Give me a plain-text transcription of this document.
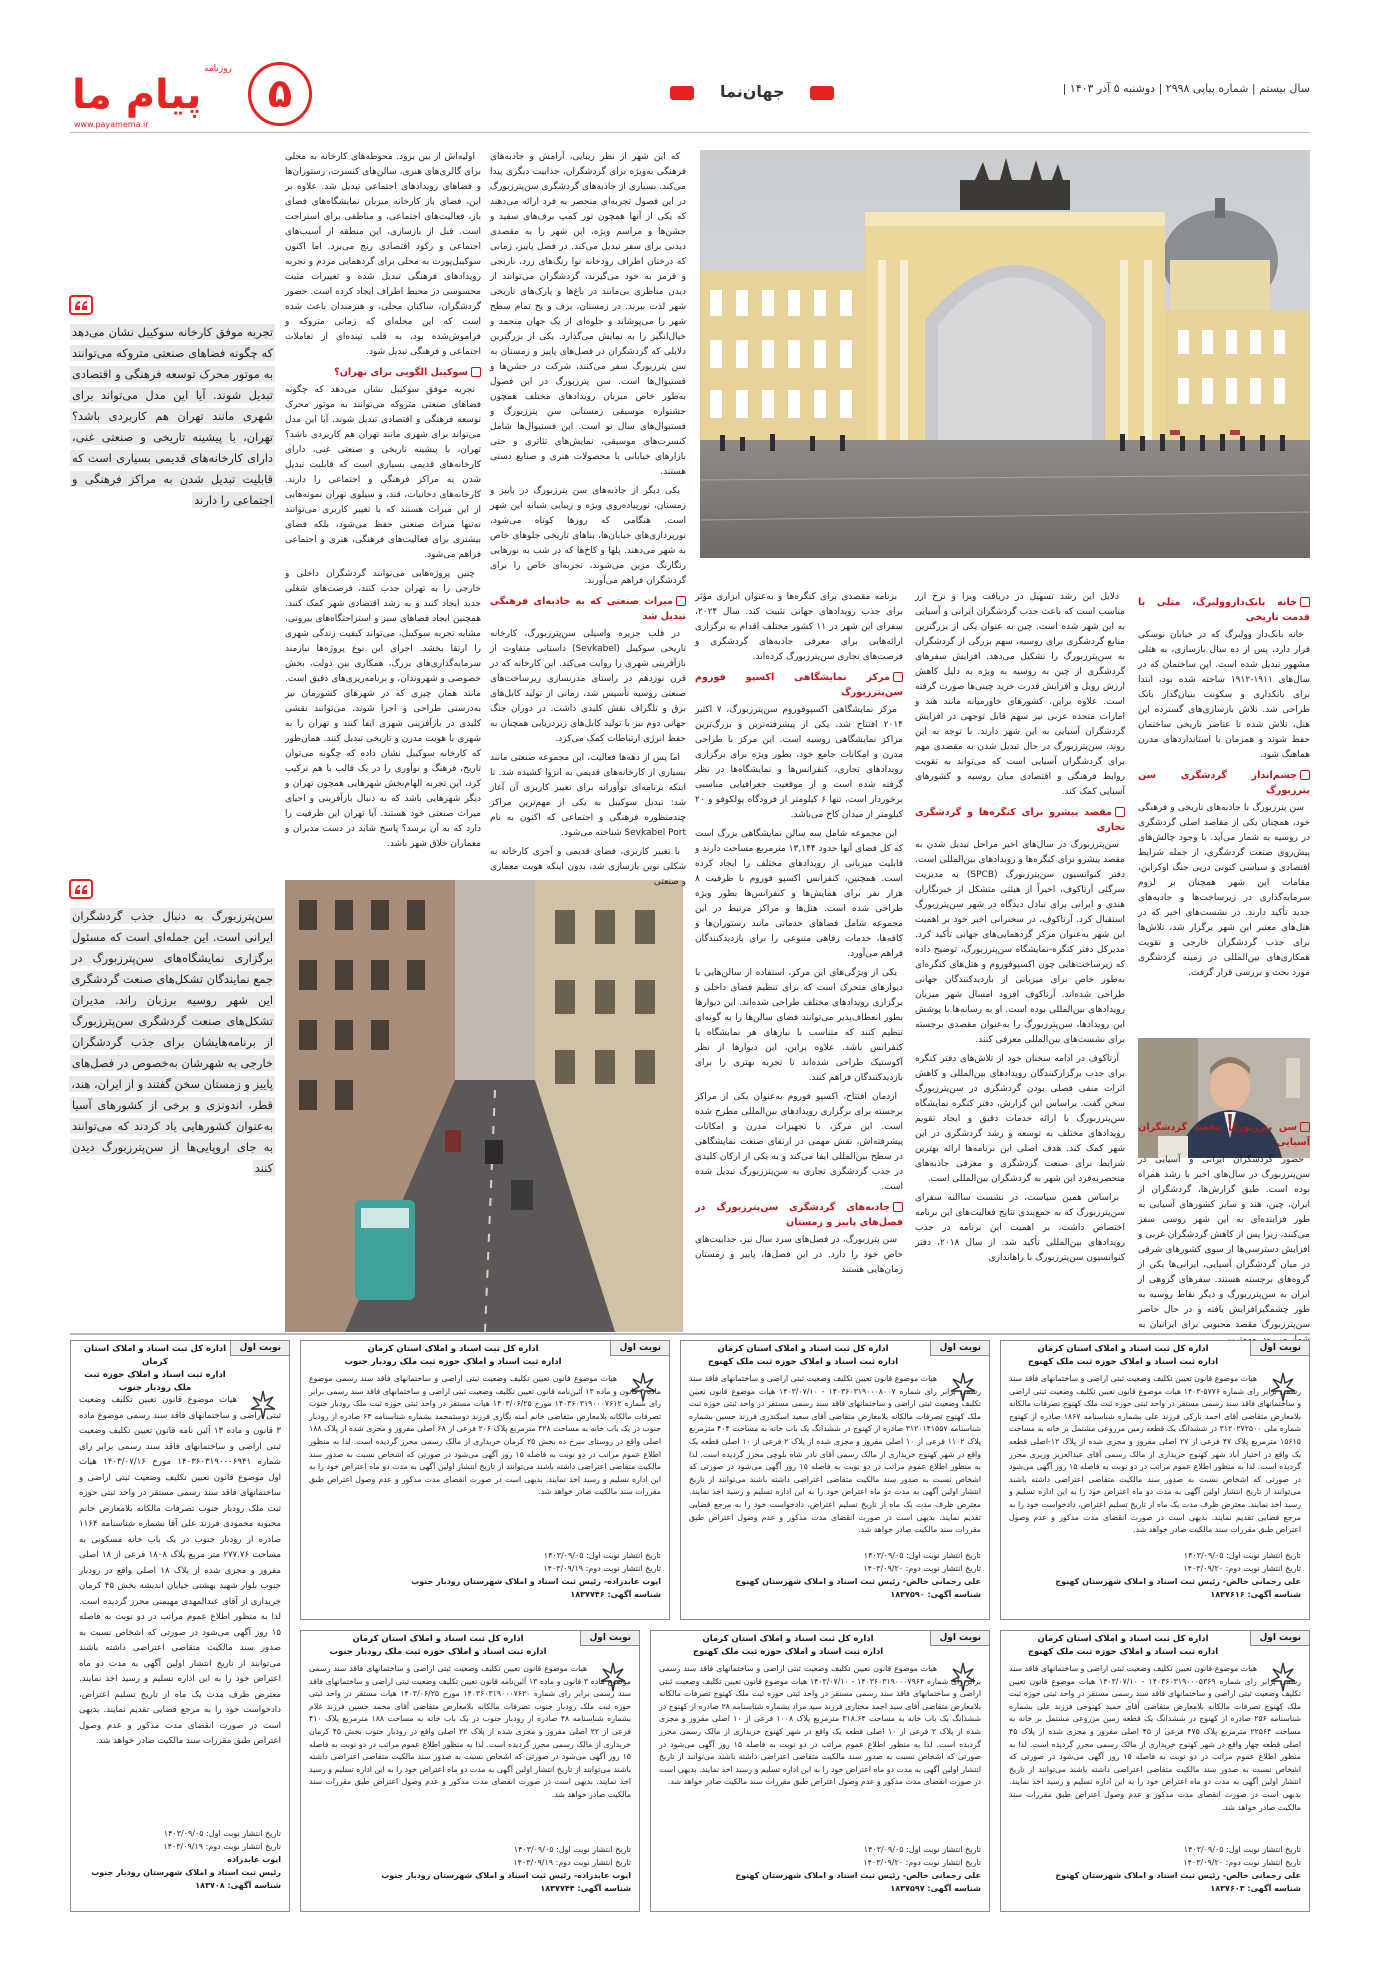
روزنامه
پیام ما
www.payamema.ir
۵	‹ جهان‌نما ›	سال بیستم | شماره پیاپی ۲۹۹۸ | دوشنبه ۵ آذر ۱۴۰۳ |
تجربه موفق کارخانه سوکیبل نشان می‌دهد که چگونه فضاهای صنعتی متروکه می‌توانند به موتور محرک توسعه فرهنگی و اقتصادی تبدیل شوند. آیا این مدل می‌تواند برای شهری مانند تهران هم کاربردی باشد؟ تهران، با پیشینه تاریخی و صنعتی غنی، دارای کارخانه‌های قدیمی بسیاری است که قابلیت تبدیل شدن به مراکز فرهنگی و اجتماعی را دارند
سن‌پترزبورگ به دنبال جذب گردشگران ایرانی است. این جمله‌ای است که مسئول برگزاری نمایشگاه‌های سن‌پترزبورگ در جمع نمایندگان تشکل‌های صنعت گردشگری این شهر روسیه برزبان راند. مدیران تشکل‌های صنعت گردشگری سن‌پترزبورگ از برنامه‌هایشان برای جذب گردشگران خارجی به شهرشان به‌خصوص در فصل‌های پاییز و زمستان سخن گفتند و از ایران، هند، قطر، اندونزی و برخی از کشورهای آسیا به‌عنوان کشورهایی یاد کردند که می‌توانند به جای اروپایی‌ها از سن‌پترزبورگ دیدن کنند
خانه بانک‌داروولبرگ، متلی با قدمت تاریخی

خانه بانک‌دار وولبرگ که در خیابان نوسکی قرار دارد، پس از ده سال بازسازی، به هتلی مشهور تبدیل شده است. این ساختمان که در سال‌های ۱۹۱۱-۱۹۱۲ ساخته شده بود، ابتدا برای بانکداری و سکونت بنیان‌گذار بانک طراحی شد. تلاش بازسازی‌های گسترده این هتل، تلاش شده تا عناصر تاریخی ساختمان حفظ شوند و همزمان با استانداردهای مدرن هماهنگ شود.

چشم‌انداز گردشگری سن‌ پترزبورگ

سن پترزبورگ با جاذبه‌های تاریخی و فرهنگی خود، همچنان یکی از مقاصد اصلی گردشگری در روسیه به شمار می‌آید. با وجود چالش‌های پیش‌روی صنعت گردشگری، از جمله شرایط اقتصادی و سیاسی کنونی درپی جنگ اوکراین، مقامات این شهر همچنان بر لزوم سرمایه‌گذاری در زیرساخت‌ها و جاذبه‌های جدید تأکید دارند. در نشست‌های اخیر که در هتل‌های معتبر این شهر برگزار شد، تلاش‌ها برای جذب گردشگران خارجی و تقویت همکاری‌های بین‌المللی در زمینه گردشگری مورد بحث و بررسی قرار گرفت.

سن‌ پترزبورگ مقصد گردشگران آسیایی

حضور گردشگران ایرانی و آسیایی در سن‌پترزبورگ در سال‌های اخیر با رشد همراه بوده است. طبق گزارش‌ها، گردشگران از ایران، چین، هند و سایر کشورهای آسیایی به طور فزاینده‌ای به این شهر روسی سفر می‌کنند، زیرا پس از کاهش گردشگران غربی و افزایش دسترسی‌ها از سوی کشورهای شرقی در میان گردشگران آسیایی، ایرانی‌ها یکی از گروه‌های برجسته هستند. سفرهای گروهی از ایران به سن‌پترزبورگ و دیگر نقاط روسیه به طور چشمگیرافزایش یافته و در حال حاضر سن‌پترزبورگ مقصد محبوبی برای ایرانیان به

دلایل این رشد تسهیل در دریافت ویزا و نرخ ارز مناسب است که باعث جذب گردشگران ایرانی و آسیایی به این شهر شده است. چین به عنوان یکی از بزرگترین منابع گردشگری برای روسیه، سهم بزرگی از گردشگران به سن‌پترزبورگ را تشکیل می‌دهد. افزایش سفرهای گردشگری از چین به روسیه به ویژه به دلیل کاهش ارزش روبل و افزایش قدرت خرید چینی‌ها صورت گرفته است. علاوه براین، کشورهای خاورمیانه مانند هند و امارات متحده عربی نیز سهم قابل توجهی در افزایش گردشگران آسیایی به این شهر دارند. با توجه به این روند، سن‌پترزبورگ در حال تبدیل شدن به مقصدی مهم برای گردشگران آسیایی است که می‌تواند به تقویت روابط فرهنگی و اقتصادی میان روسیه و کشورهای آسیایی کمک کند.

مقصد پیشرو برای کنگره‌ها و گردشگری تجاری

سن‌پترزبورگ در سال‌های اخیر مراحل تبدیل شدن به مقصد پیشرو برای کنگره‌ها و رویدادهای بین‌المللی است. دفتر کنوانسیون سن‌پترزبورگ (SPCB) به مدیریت سرگئی آرتاکوف، اخیراً از هیئتی متشکل از خبرنگاران هندی و ایرانی برای تبادل دیدگاه در شهر سن‌پترزبورگ استقبال کرد. آرتاکوف، در سخنرانی اخیر خود بر اهمیت این شهر به‌عنوان مرکز گردهمایی‌های جهانی تأکید کرد. مدیرکل دفتر کنگره-نمایشگاه سن‌پترزبورگ، توضیح داده که زیرساخت‌هایی چون اکسپوفوروم و هتل‌های کنگره‌ای به‌طور خاص برای میزبانی از بازدیدکنندگان جهانی طراحی شده‌اند. آرتاکوف افزود امسال شهر میزبان رویدادهای بین‌المللی بوده است. او به رسانه‌ها با پوشش این رویدادها، سن‌پترزبورگ را به‌عنوان مقصدی برجسته برای نشست‌های بین‌المللی معرفی کنند.

آرتاکوف در ادامه سخنان خود از تلاش‌های دفتر کنگره برای جذب برگزارکنندگان رویدادهای بین‌المللی و کاهش اثرات منفی فصلی بودن گردشگری در سن‌پترزبورگ سخن گفت. براساس این گزارش، دفتر کنگره نمایشگاه سن‌پترزبورگ با ارائه خدمات دقیق و ایجاد تقویم رویدادهای مختلف به توسعه و رشد گردشگری در این شهر کمک کند. هدف اصلی این برنامه‌ها ارائه بهترین شرایط برای صنعت گردشگری و معرفی جاذبه‌های منحصربه‌فرد این شهر به گردشگران بین‌المللی است.

براساس همین سیاست، در نشست ساالنه سفرای سن‌پترزبورگ که به جمع‌بندی نتایج فعالیت‌های این برنامه اختصاص داشت، بر اهمیت این برنامه در جذب رویدادهای بین‌المللی تأکید شد. از سال ۲۰۱۸، دفتر کنوانسیون سن‌پترزبورگ با راهاندازی

برنامه مقصدی برای کنگره‌ها و به‌عنوان ابزاری مؤثر برای جذب رویدادهای جهانی تثبیت کند. سال ۲۰۲۴، سفرای این شهر در ۱۱ کشور مختلف اقدام به برگزاری ارائه‌هایی برای معرفی جاذبه‌های گردشگری و فرصت‌های تجاری سن‌پترزبورگ کرده‌اند.

مرکز نمایشگاهی اکسپو فوروم سن‌پترزبورگ

مرکز نمایشگاهی اکسپوفوروم سن‌پترزبورگ، ۷ اکتبر ۲۰۱۴ افتتاح شد، یکی از پیشرفته‌ترین و بزرگ‌ترین مراکز نمایشگاهی روسیه است. این مرکز با طراحی مدرن و امکانات جامع خود، بطور ویژه برای برگزاری رویدادهای تجاری، کنفرانس‌ها و نمایشگاه‌ها در نظر گرفته شده است و از موقعیت جغرافیایی مناسبی برخوردار است، تنها ۶ کیلومتر از فرودگاه پولکوفو و ۲۰ کیلومتر از میدان کاخ می‌باشد.

این مجموعه شامل سه سالن نمایشگاهی بزرگ است که کل فضای آنها حدود ۱۳,۱۴۴ مترمربع مساحت دارند و قابلیت میزبانی از رویدادهای مختلف را ایجاد کرده است. همچنین، کنفرانس اکسپو فوروم با ظرفیت ۸ هزار نفر برای همایش‌ها و کنفرانس‌ها بطور ویژه طراحی شده است. هتل‌ها و مراکز مرتبط در این مجموعه شامل فضاهای خدماتی مانند رستوران‌ها و کافه‌ها، خدمات رفاهی متنوعی را برای بازدیدکنندگان فراهم می‌آورد.

یکی از ویژگی‌های این مرکز، استفاده از سالن‌هایی با دیوارهای متحرک است که برای تنظیم فضای داخلی و برگزاری رویدادهای مختلف طراحی شده‌اند. این دیوارها بطور انعطاف‌پذیر می‌توانند فضای سالن‌ها را به گونه‌ای تنظیم کنند که متناسب با نیازهای هر نمایشگاه یا کنفرانس باشد. علاوه براین، این دیوارها از نظر آکوستیک طراحی شده‌اند تا تجربه بهتری را برای بازدیدکنندگان فراهم کنند.

ازدمان افتتاح، اکسپو فوروم به‌عنوان یکی از مراکز برجسته برای برگزاری رویدادهای بین‌المللی مطرح شده است. این مرکز، با تجهیزات مدرن و امکانات پیشرفته‌اش، نقش مهمی در ارتقای صنعت نمایشگاهی در سطح بین‌المللی ایفا می‌کند و به یکی از ارکان کلیدی در جذب گردشگری تجاری به سن‌پترزبورگ تبدیل شده است.

جاذبه‌های گردشگری سن‌پترزبورگ در فصل‌های پاییز و زمستان

سن پترزبورگ، در فصل‌های سرد سال نیز، جذابیت‌های خاص خود را دارد. در این فصل‌ها، پاییز و زمستان زمان‌هایی هستند

که این شهر از نظر زیبایی، آرامش و جاذبه‌های فرهنگی به‌ویژه برای گردشگران، جذابیت دیگری پیدا می‌کند. بسیاری از جاذبه‌های گردشگری سن‌پترزبورگ در این فصول تجربه‌ای منحصر به فرد ارائه می‌دهند که یکی از آنها همچون تور کمپ برف‌های سفید و جشن‌ها و مراسم ویژه، این شهر را به مقصدی دیدنی برای سفر تبدیل می‌کند. در فصل پاییز، زمانی که درختان اطراف رودخانه نوا رنگ‌های زرد، نارنجی و قرمز به خود می‌گیرند، گردشگران می‌توانند از دیدن مناظری بی‌مانند در باغ‌ها و پارک‌های تاریخی شهر لذت ببرند. در زمستان، برف و یخ تمام سطح شهر را می‌پوشاند و جلوه‌ای از یک جهان منجمد و خیال‌انگیز را به نمایش می‌گذارد. یکی از بزرگترین دلایلی که گردشگران در فصل‌های پاییز و زمستان به سن پترزبورگ سفر می‌کنند، شرکت در جشن‌ها و فستیوال‌ها است. سن پترزبورگ در این فصول به‌طور خاص میزبان رویدادهای مختلف همچون جشنواره موسیقی زمستانی سن پترزبورگ و فستیوال‌های سال نو است. این فستیوال‌ها شامل کنسرت‌های موسیقی، نمایش‌های تئاتری و حتی بازارهای خیابانی با محصولات هنری و صنایع دستی هستند.

یکی دیگر از جاذبه‌های سن پترزبورگ در پاییز و زمستان، تورپیاده‌روی ویژه و زیبایی شبانه این شهر است. هنگامی که روزها کوتاه می‌شود، نورپردازی‌های خیابان‌ها، بناهای تاریخی جلوهای خاص به شهر می‌دهند. پلها و کاخ‌ها که در شب به نورهایی رنگارنگ مزین می‌شوند، تجربه‌ای خاص را برای گردشگران فراهم می‌آورند.

میراث صنعتی که به جاذبه‌ای فرهنگی تبدیل شد

در قلب جزیره واسیلی سن‌پترزبورگ، کارخانه تاریخی سوکیبل (Sevkabel) داستانی متفاوت از بازآفرینی شهری را روایت می‌کند. این کارخانه که در قرن نوزدهم در راستای مدرنسازی زیرساخت‌های صنعتی روسیه تأسیس شد، زمانی از تولید کابل‌های برق و تلگراف نقش کلیدی داشت. در دوران جنگ جهانی دوم نیز با تولید کابل‌های زیردریایی همچنان به حفظ انرژی ارتباطات کمک می‌کرد.

اما پس از دهه‌ها فعالیت، این مجموعه صنعتی مانند بسیاری از کارخانه‌های قدیمی به انزوا کشیده شد. تا اینکه برنامه‌ای نوآورانه برای تغییر کاربری آن آغاز شد: تبدیل سوکیبل به یکی از مهم‌ترین مراکز چندمنظوره فرهنگی و اجتماعی که اکنون به نام Sevkabel Port شناخته می‌شود.

با تغییر کاربری، فضای قدیمی و آجری کارخانه به شکلی نوین بازسازی شد، بدون اینکه هویت معماری و صنعتی

اولیه‌اش از بین برود. محوطه‌های کارخانه به محلی برای گالری‌های هنری، سالن‌های کنسرت، رستوران‌ها و فضاهای رویدادهای اجتماعی تبدیل شد. علاوه بر این، فضای باز کارخانه میزبان نمایشگاه‌های فضای باز، فعالیت‌های اجتماعی، و مناطقی برای استراحت است. قبل از بازسازی، این منطقه از آسیب‌های اجتماعی و رکود اقتصادی رنج می‌برد. اما اکنون سوکیبل‌پورت به محلی برای گردهمایی مردم و تجربه رویدادهای فرهنگی تبدیل شده و تغییرات مثبت محسوسی در محیط اطراف ایجاد کرده است. حضور گردشگران، ساکنان محلی، و هنرمندان باعث شده است که این محله‌ای که زمانی متروکه و فراموش‌شده بود، به قلب تپنده‌ای از تعاملات اجتماعی و فرهنگی تبدیل شود.

سوکیبل الگویی برای تهران؟

تجربه موفق سوکیبل نشان می‌دهد که چگونه فضاهای صنعتی متروکه می‌توانند به موتور محرک توسعه فرهنگی و اقتصادی تبدیل شوند. آیا این مدل می‌تواند برای شهری مانند تهران هم کاربردی باشد؟ تهران، با پیشینه تاریخی و صنعتی غنی، دارای کارخانه‌های قدیمی بسیاری است که قابلیت تبدیل شدن به مراکز فرهنگی و اجتماعی را دارند. کارخانه‌های دخانیات، قند، و سیلوی تهران نمونه‌هایی از این میراث هستند که با تغییر کاربری می‌توانند نه‌تنها میراث صنعتی حفظ می‌شود، بلکه فضای بیشتری برای فعالیت‌های فرهنگی، هنری و اجتماعی فراهم می‌شود.

چنین پروژه‌هایی می‌توانند گردشگران داخلی و خارجی را به تهران جذب کنند، فرصت‌های شغلی جدید ایجاد کنند و به رشد اقتصادی شهر کمک کنند. همچنین ایجاد فضاهای سبز و استراحتگاه‌های بیرونی، مشابه تجربه سوکیبل، می‌تواند کیفیت زندگی شهری را ارتقا بخشد. اجرای این نوع پروژه‌ها نیازمند سرمایه‌گذاری‌های بزرگ، همکاری بین دولت، بخش خصوصی و شهروندان، و برنامه‌ریزی‌های دقیق است. مانند همان چیزی که در شهرهای کشورمان نیز به‌درستی طراحی و اجرا شوند، می‌توانند نقشی کلیدی در بازآفرینی شهری ایفا کنند و تهران را به شهری با هویت مدرن و تاریخی تبدیل کنند. همان‌طور که کارخانه سوکیبل نشان داده که چگونه می‌توان تاریخ، فرهنگ و نوآوری را در یک قالب با هم ترکیب کرد، این تجربه الهام‌بخش شهرهایی همچون تهران و دیگر شهرهایی باشد که به دنبال بازآفرینی و احیای میراث صنعتی خود هستند. آیا تهران این ظرفیت را دارد که به آن برسد؟ پاسخ شاید در دست مدیران و معماران خلاق شهر باشد.

نوبت اول
اداره کل ثبت اسناد و املاک استان کرمان
اداره ثبت اسناد و املاک حوزه ثبت ملک کهنوج
هیات موضوع قانون تعیین تکلیف وضعیت ثبتی اراضی و ساختمانهای فاقد سند رسمی برابر رای شماره ۵۷۷۶-۱۴۰۳ هیات موضوع قانون تعیین تکلیف وضعیت ثبتی اراضی و ساختمانهای فاقد سند رسمی مستقر در واحد ثبتی حوزه ثبت ملک کهنوج تصرفات مالکانه بلامعارض متقاضی آقای احمد نارکی فرزند علی بشماره شناسنامه ۱۸۶۷ صادره از کهنوج شماره ملی ۳۱۲۰۲۷۲۵۰۰ در ششدانگ یک قطعه زمین مزروعی مشتمل بر خانه به مساحت ۱۵۶۱۵ مترمربع پلاک ۴۷ فرعی از ۲۷ اصلی مفروز و مجزی شده از پلاک ۱۲-اصلی قطعه یک واقع در اختیار آباد شهر کهنوج خریداری از مالک رسمی آقای عبدالعزیز وزیری محرز گردیده است. لذا به منظور اطلاع عموم مراتب در دو نوبت به فاصله ۱۵ روز آگهی می‌شود در صورتی که اشخاص نسبت به صدور سند مالکیت متقاضی اعتراضی داشته باشند می‌توانند از تاریخ انتشار اولین آگهی به مدت دو ماه اعتراض خود را به این اداره تسلیم و رسید اخذ نمایند. معترض ظرف مدت یک ماه از تاریخ تسلیم اعتراض، دادخواست خود را به مرجع قضایی تقدیم نمایند. بدیهی است در صورت انقضای مدت مذکور و عدم وصول اعتراض طبق مقررات سند مالکیت صادر خواهد شد.
تاریخ انتشار نوبت اول: ۱۴۰۳/۰۹/۰۵
تاریخ انتشار نوبت دوم: ۱۴۰۳/۰۹/۲۰
علی رحمانی خالص- رئیس ثبت اسناد و املاک شهرستان کهنوج
شناسه آگهی: ۱۸۳۷۶۱۶
نوبت اول
اداره کل ثبت اسناد و املاک استان کرمان
اداره ثبت اسناد و املاک حوزه ثبت ملک کهنوج
هیات موضوع قانون تعیین تکلیف وضعیت ثبتی اراضی و ساختمانهای فاقد سند رسمی برابر رای شماره ۱۴۰۳۶۰۳۱۹۰۰۰۸۰۰۷ - ۱۴۰۳/۰۷/۱۰ هیات موضوع قانون تعیین تکلیف وضعیت ثبتی اراضی و ساختمانهای فاقد سند رسمی مستقر در واحد ثبتی حوزه ثبت ملک کهنوج تصرفات مالکانه بلامعارض متقاضی آقای سعید اسکندری فرزند حسین بشماره شناسنامه ۳۱۲۰۱۴۱۵۵۷ صادره از کهنوج در ششدانگ یک باب خانه به مساحت ۴۰۴ مترمربع پلاک ۱۱۰۲ فرعی از ۱۰ اصلی مفروز و مجزی شده از پلاک ۲ فرعی از ۱۰ اصلی قطعه یک واقع در شهر کهنوج خریداری از مالک رسمی آقای نادر شاه بلوچی محرز گردیده است. لذا به منظور اطلاع عموم مراتب در دو نوبت به فاصله ۱۵ روز آگهی می‌شود در صورتی که اشخاص نسبت به صدور سند مالکیت متقاضی اعتراضی داشته باشند می‌توانند از تاریخ انتشار اولین آگهی به مدت دو ماه اعتراض خود را به این اداره تسلیم و رسید اخذ نمایند. معترض ظرف مدت یک ماه از تاریخ تسلیم اعتراض، دادخواست خود را به مرجع قضایی تقدیم نمایند. بدیهی است در صورت انقضای مدت مذکور و عدم وصول اعتراض طبق مقررات سند مالکیت صادر خواهد شد.
تاریخ انتشار نوبت اول: ۱۴۰۳/۰۹/۰۵
تاریخ انتشار نوبت دوم: ۱۴۰۳/۰۹/۲۰
علی رحمانی خالص- رئیس ثبت اسناد و املاک شهرستان کهنوج
شناسه آگهی: ۱۸۳۷۵۹۰
نوبت اول
اداره کل ثبت اسناد و املاک استان کرمان
اداره ثبت اسناد و املاک حوزه ثبت ملک رودبار جنوب
هیات موضوع قانون تعیین تکلیف وضعیت ثبتی اراضی و ساختمانهای فاقد سند رسمی موضوع ماده ۳ قانون و ماده ۱۳ آئین‌نامه قانون تعیین تکلیف وضعیت ثبتی اراضی و ساختمانهای فاقد سند رسمی برابر رای شماره ۱۴۰۳۶۰۳۱۹۰۰۰۷۶۱۲ مورخ ۱۴۰۳/۰۶/۲۵ هیات مستقر در واحد ثبتی حوزه ثبت ملک رودبار جنوب تصرفات مالکانه بلامعارض متقاضی خانم آمنه نگاری فرزند دوستمحمد بشماره شناسنامه ۶۴ صادره از رودبار جنوب در یک باب خانه به مساحت ۳۲۸ مترمربع پلاک ۲۰۶ فرعی از ۶۸ اصلی مفروز و مجزی شده از پلاک ۱۸۸ اصلی واقع در روستای سرخ ده بخش ۲۵ کرمان خریداری از مالک رسمی محرز گردیده است. لذا به منظور اطلاع عموم مراتب در دو نوبت به فاصله ۱۵ روز آگهی می‌شود در صورتی که اشخاص نسبت به صدور سند مالکیت متقاضی اعتراضی داشته باشند می‌توانند از تاریخ انتشار اولین آگهی به مدت دو ماه اعتراض خود را به این اداره تسلیم و رسید اخذ نمایند. بدیهی است در صورت انقضای مدت مذکور و عدم وصول اعتراض طبق مقررات سند مالکیت صادر خواهد شد.
تاریخ انتشار نوبت اول: ۱۴۰۳/۰۹/۰۵
تاریخ انتشار نوبت دوم: ۱۴۰۳/۰۹/۱۹
ایوب عابدزاده- رئیس ثبت اسناد و املاک شهرستان رودبار جنوب
شناسه آگهی: ۱۸۳۷۷۴۶
نوبت اول
اداره کل ثبت اسناد و املاک استان کرمان
اداره ثبت اسناد و املاک حوزه ثبت ملک رودبار جنوب
هیات موضوع قانون تعیین تکلیف وضعیت ثبتی اراضی و ساختمانهای فاقد سند رسمی موضوع ماده ۳ قانون و ماده ۱۳ آئین نامه قانون تعیین تکلیف وضعیت ثبتی اراضی و ساختمانهای فاقد سند رسمی برابر رای شماره ۱۴۰۳۶۰۳۱۹۰۰۰۶۹۴۱ مورخ ۱۴۰۳/۰۷/۱۶ هیات اول موضوع قانون تعیین تکلیف وضعیت ثبتی اراضی و ساختمانهای فاقد سند رسمی مستقر در واحد ثبتی حوزه ثبت ملک رودبار جنوب تصرفات مالکانه بلامعارض خانم محبوبه محمودی فرزند علی آقا بشماره شناسنامه ۱۱۶۴ صادره از رودبار جنوب در یک باب خانه مسکونی به مساحت ۲۷۷.۷۶ متر مربع پلاک ۱۸۰۸ فرعی از ۱۸ اصلی مفروز و مجزی شده از پلاک ۱۸ اصلی واقع در رودبار جنوب بلوار شهید بهشتی خیابان اندیشه بخش ۴۵ کرمان خریداری از آقای عبدالمهدی مهیمنی محرز گردیده است. لذا به منظور اطلاع عموم مراتب در دو نوبت به فاصله ۱۵ روز آگهی می‌شود در صورتی که اشخاص نسبت به صدور سند مالکیت متقاضی اعتراضی داشته باشند می‌توانند از تاریخ انتشار اولین آگهی به مدت دو ماه اعتراض خود را به این اداره تسلیم و رسید اخذ نمایند. معترض ظرف مدت یک ماه از تاریخ تسلیم اعتراض، دادخواست خود را به مرجع قضایی تقدیم نمایند. بدیهی است در صورت انقضای مدت مذکور و عدم وصول اعتراض طبق مقررات سند مالکیت صادر خواهد شد.
تاریخ انتشار نوبت اول: ۱۴۰۳/۰۹/۰۵
تاریخ انتشار نوبت دوم: ۱۴۰۳/۰۹/۱۹
ایوب عابدزاده
رئیس ثبت اسناد و املاک شهرستان رودبار جنوب
شناسه آگهی: ۱۸۳۷۰۸
نوبت اول
اداره کل ثبت اسناد و املاک استان کرمان
اداره ثبت اسناد و املاک حوزه ثبت ملک کهنوج
هیات موضوع قانون تعیین تکلیف وضعیت ثبتی اراضی و ساختمانهای فاقد سند رسمی برابر رای شماره ۱۴۰۳۶۰۳۱۹۰۰۰۵۳۶۹ - ۱۴۰۳/۰۷/۱۰ هیات موضوع قانون تعیین تکلیف وضعیت ثبتی اراضی و ساختمانهای فاقد سند رسمی مستقر در واحد ثبتی حوزه ثبت ملک کهنوج تصرفات مالکانه بلامعارض متقاضی آقای حمید کهنوجی فرزند علی بشماره شناسنامه ۲۵۶ صادره از کهنوج در ششدانگ یک قطعه زمین مزروعی مشتمل بر خانه به مساحت ۲۲۵۶۴ مترمربع پلاک ۴۷۵ فرعی از ۴۵ اصلی مفروز و مجزی شده از پلاک ۴۵ اصلی قطعه چهار واقع در شهر کهنوج خریداری از مالک رسمی محرز گردیده است. لذا به منظور اطلاع عموم مراتب در دو نوبت به فاصله ۱۵ روز آگهی می‌شود در صورتی که اشخاص نسبت به صدور سند مالکیت متقاضی اعتراضی داشته باشند می‌توانند از تاریخ انتشار اولین آگهی به مدت دو ماه اعتراض خود را به این اداره تسلیم و رسید اخذ نمایند. بدیهی است در صورت انقضای مدت مذکور و عدم وصول اعتراض طبق مقررات سند مالکیت صادر خواهد شد.
تاریخ انتشار نوبت اول: ۱۴۰۳/۰۹/۰۵
تاریخ انتشار نوبت دوم: ۱۴۰۳/۰۹/۲۰
علی رحمانی خالص- رئیس ثبت اسناد و املاک شهرستان کهنوج
شناسه آگهی: ۱۸۳۷۶۰۳
نوبت اول
اداره کل ثبت اسناد و املاک استان کرمان
اداره ثبت اسناد و املاک حوزه ثبت ملک کهنوج
هیات موضوع قانون تعیین تکلیف وضعیت ثبتی اراضی و ساختمانهای فاقد سند رسمی برابر رای شماره ۱۴۰۳۶۰۳۱۹۰۰۰۷۹۶۴ - ۱۴۰۳/۰۷/۱۰ هیات موضوع قانون تعیین تکلیف وضعیت ثبتی اراضی و ساختمانهای فاقد سند رسمی مستقر در واحد ثبتی حوزه ثبت ملک کهنوج تصرفات مالکانه بلامعارض متقاضی آقای سید احمد مختاری فرزند سید مراد بشماره شناسنامه ۲۸ صادره از کهنوج در ششدانگ یک باب خانه به مساحت ۳۱۸.۶۴ مترمربع پلاک ۱۰۰۸ فرعی از ۱۰ اصلی مفروز و مجزی شده از پلاک ۲ فرعی از ۱۰ اصلی قطعه یک واقع در شهر کهنوج خریداری از مالک رسمی محرز گردیده است. لذا به منظور اطلاع عموم مراتب در دو نوبت به فاصله ۱۵ روز آگهی می‌شود در صورتی که اشخاص نسبت به صدور سند مالکیت متقاضی اعتراضی داشته باشند می‌توانند از تاریخ انتشار اولین آگهی به مدت دو ماه اعتراض خود را به این اداره تسلیم و رسید اخذ نمایند. بدیهی است در صورت انقضای مدت مذکور و عدم وصول اعتراض طبق مقررات سند مالکیت صادر خواهد شد.
تاریخ انتشار نوبت اول: ۱۴۰۳/۰۹/۰۵
تاریخ انتشار نوبت دوم: ۱۴۰۳/۰۹/۲۰
علی رحمانی خالص- رئیس ثبت اسناد و املاک شهرستان کهنوج
شناسه آگهی: ۱۸۳۷۵۹۷
نوبت اول
اداره کل ثبت اسناد و املاک استان کرمان
اداره ثبت اسناد و املاک حوزه ثبت ملک رودبار جنوب
هیات موضوع قانون تعیین تکلیف وضعیت ثبتی اراضی و ساختمانهای فاقد سند رسمی موضوع ماده ۳ قانون و ماده ۱۳ آئین‌نامه قانون تعیین تکلیف وضعیت ثبتی اراضی و ساختمانهای فاقد سند رسمی برابر رای شماره ۱۴۰۳۶۰۳۱۹۰۰۰۷۶۲۰ مورخ ۱۴۰۳/۰۶/۲۵ هیات مستقر در واحد ثبتی حوزه ثبت ملک رودبار جنوب تصرفات مالکانه بلامعارض متقاضی آقای محمد حسین فرزند غلام بشماره شناسنامه ۴۸ صادره از رودبار جنوب در یک باب خانه به مساحت ۱۸۸ مترمربع پلاک ۴۱۰ فرعی از ۲۲ اصلی مفروز و مجزی شده از پلاک ۲۲ اصلی واقع در رودبار جنوب بخش ۴۵ کرمان خریداری از مالک رسمی محرز گردیده است. لذا به منظور اطلاع عموم مراتب در دو نوبت به فاصله ۱۵ روز آگهی می‌شود در صورتی که اشخاص نسبت به صدور سند مالکیت متقاضی اعتراضی داشته باشند می‌توانند از تاریخ انتشار اولین آگهی به مدت دو ماه اعتراض خود را به این اداره تسلیم و رسید اخذ نمایند. بدیهی است در صورت انقضای مدت مذکور و عدم وصول اعتراض طبق مقررات سند مالکیت صادر خواهد شد.
تاریخ انتشار نوبت اول: ۱۴۰۳/۰۹/۰۵
تاریخ انتشار نوبت دوم: ۱۴۰۳/۰۹/۱۹
ایوب عابدزاده- رئیس ثبت اسناد و املاک شهرستان رودبار جنوب
شناسه آگهی: ۱۸۳۷۷۴۴
